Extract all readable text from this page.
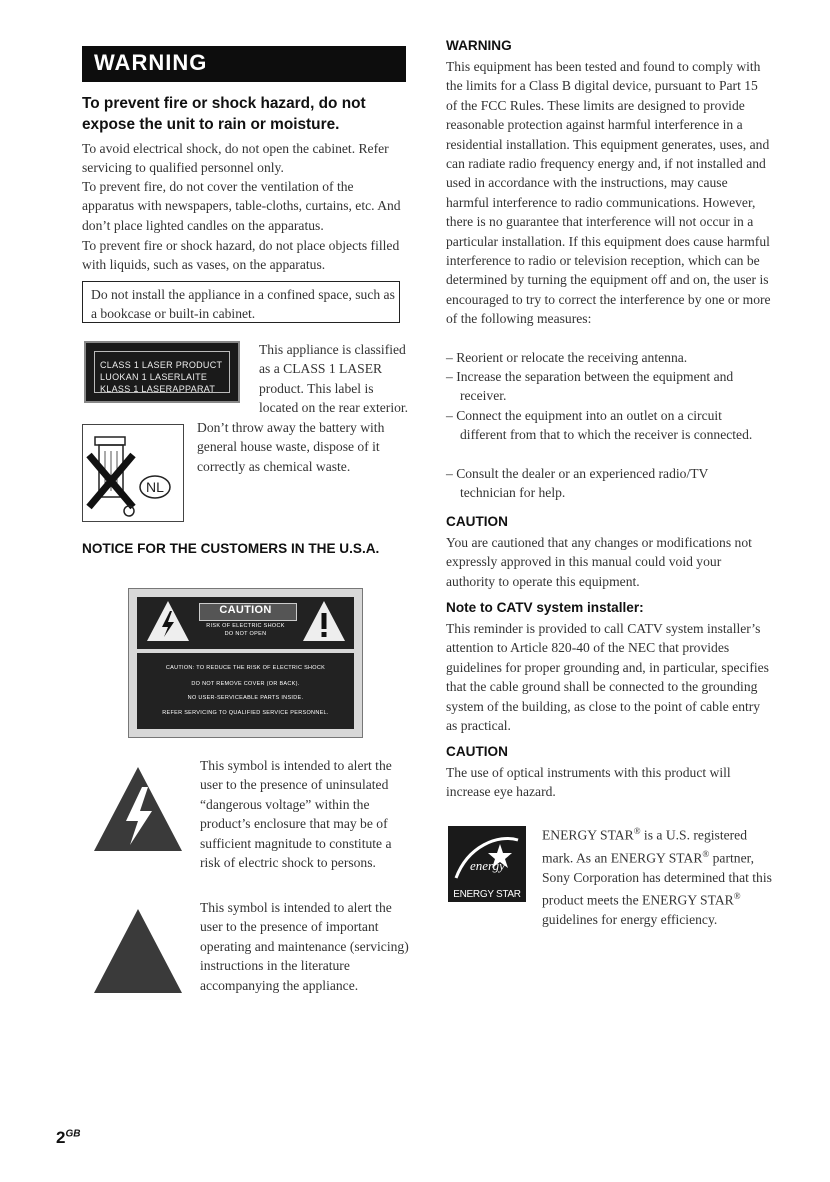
WARNING
To prevent fire or shock hazard, do not expose the unit to rain or moisture.

To avoid electrical shock, do not open the cabinet. Refer servicing to qualified personnel only.

To prevent fire, do not cover the ventilation of the apparatus with newspapers, table-cloths, curtains, etc. And don’t place lighted candles on the apparatus.

To prevent fire or shock hazard, do not place objects filled with liquids, such as vases, on the apparatus.

Do not install the appliance in a confined space, such as a bookcase or built-in cabinet.
CLASS 1 LASER PRODUCT
LUOKAN 1 LASERLAITE
KLASS 1 LASERAPPARAT

This appliance is classified as a CLASS 1 LASER product. This label is located on the rear exterior.

NL

Don’t throw away the battery with general house waste, dispose of it correctly as chemical waste.

NOTICE FOR THE CUSTOMERS IN THE U.S.A.
CAUTION
RISK OF ELECTRIC SHOCK
DO NOT OPEN
CAUTION: TO REDUCE THE RISK OF ELECTRIC SHOCK
DO NOT REMOVE COVER (OR BACK).
NO USER-SERVICEABLE PARTS INSIDE.
REFER SERVICING TO QUALIFIED SERVICE PERSONNEL.

This symbol is intended to alert the user to the presence of uninsulated “dangerous voltage” within the product’s enclosure that may be of sufficient magnitude to constitute a risk of electric shock to persons.

This symbol is intended to alert the user to the presence of important operating and maintenance (servicing) instructions in the literature accompanying the appliance.

WARNING

This equipment has been tested and found to comply with the limits for a Class B digital device, pursuant to Part 15 of the FCC Rules. These limits are designed to provide reasonable protection against harmful interference in a residential installation. This equipment generates, uses, and can radiate radio frequency energy and, if not installed and used in accordance with the instructions, may cause harmful interference to radio communications. However, there is no guarantee that interference will not occur in a particular installation. If this equipment does cause harmful interference to radio or television reception, which can be determined by turning the equipment off and on, the user is encouraged to try to correct the interference by one or more of the following measures:

– Reorient or relocate the receiving antenna.

– Increase the separation between the equipment and receiver.

– Connect the equipment into an outlet on a circuit different from that to which the receiver is connected.

– Consult the dealer or an experienced radio/TV technician for help.

CAUTION

You are cautioned that any changes or modifications not expressly approved in this manual could void your authority to operate this equipment.

Note to CATV system installer:

This reminder is provided to call CATV system installer’s attention to Article 820-40 of the NEC that provides guidelines for proper grounding and, in particular, specifies that the cable ground shall be connected to the grounding system of the building, as close to the point of cable entry as practical.

CAUTION

The use of optical instruments with this product will increase eye hazard.

energy
ENERGY STAR

ENERGY STAR® is a U.S. registered mark. As an ENERGY STAR® partner, Sony Corporation has determined that this product meets the ENERGY STAR® guidelines for energy efficiency.

$2^{GB}$
